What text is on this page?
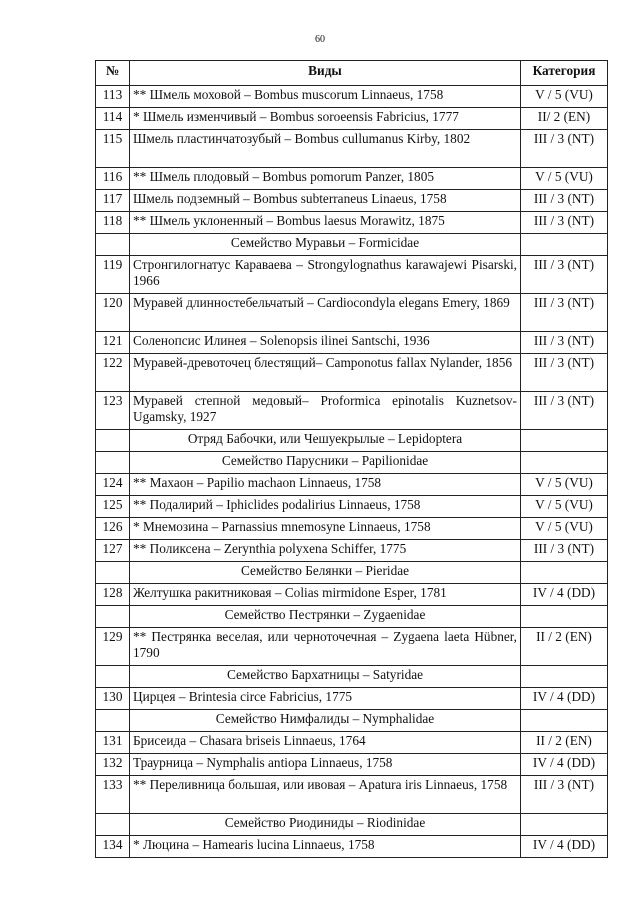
60
№	Виды	Категория
113	** Шмель моховой – Bombus muscorum Linnaeus, 1758	V / 5 (VU)
114	* Шмель изменчивый – Bombus soroeensis Fabricius, 1777	II/ 2 (EN)
115	Шмель пластинчатозубый – Bombus cullumanus Kirby, 1802	III / 3 (NT)
116	** Шмель плодовый – Bombus pomorum Panzer, 1805	V / 5 (VU)
117	Шмель подземный – Bombus subterraneus Linaeus, 1758	III / 3 (NT)
118	** Шмель уклоненный – Bombus laesus Morawitz, 1875	III / 3 (NT)
	Семейство Муравьи – Formicidae	
119	Стронгилогнатус Караваева – Strongylognathus karawajewi Pisarski, 1966	III / 3 (NT)
120	Муравей длинностебельчатый – Cardiocondyla elegans Emery, 1869	III / 3 (NT)
121	Соленопсис Илинея – Solenopsis ilinei Santschi, 1936	III / 3 (NT)
122	Муравей-древоточец блестящий– Camponotus fallax Nylander, 1856	III / 3 (NT)
123	Муравей степной медовый– Proformica epinotalis Kuznetsov-Ugamsky, 1927	III / 3 (NT)
	Отряд Бабочки, или Чешуекрылые – Lepidoptera	
	Семейство Парусники – Papilionidae	
124	** Махаон – Papilio machaon Linnaeus, 1758	V / 5 (VU)
125	** Подалирий – Iphiclides podalirius Linnaeus, 1758	V / 5 (VU)
126	* Мнемозина – Parnassius mnemosyne Linnaeus, 1758	V / 5 (VU)
127	** Поликсена – Zerynthia polyxena Schiffer, 1775	III / 3 (NT)
	Семейство Белянки – Pieridae	
128	Желтушка ракитниковая – Colias mirmidone Esper, 1781	IV / 4 (DD)
	Семейство Пестрянки – Zygaenidae	
129	** Пестрянка веселая, или черноточечная – Zygaena laeta Hübner, 1790	II / 2 (EN)
	Семейство Бархатницы – Satyridae	
130	Цирцея – Brintesia circe Fabricius, 1775	IV / 4 (DD)
	Семейство Нимфалиды – Nymphalidae	
131	Брисеида – Chasara briseis Linnaeus, 1764	II / 2 (EN)
132	Траурница – Nymphalis antiopa Linnaeus, 1758	IV / 4 (DD)
133	** Переливница большая, или ивовая – Apatura iris Linnaeus, 1758	III / 3 (NT)
	Семейство Риодиниды – Riodinidae	
134	* Люцина – Hamearis lucina Linnaeus, 1758	IV / 4 (DD)
